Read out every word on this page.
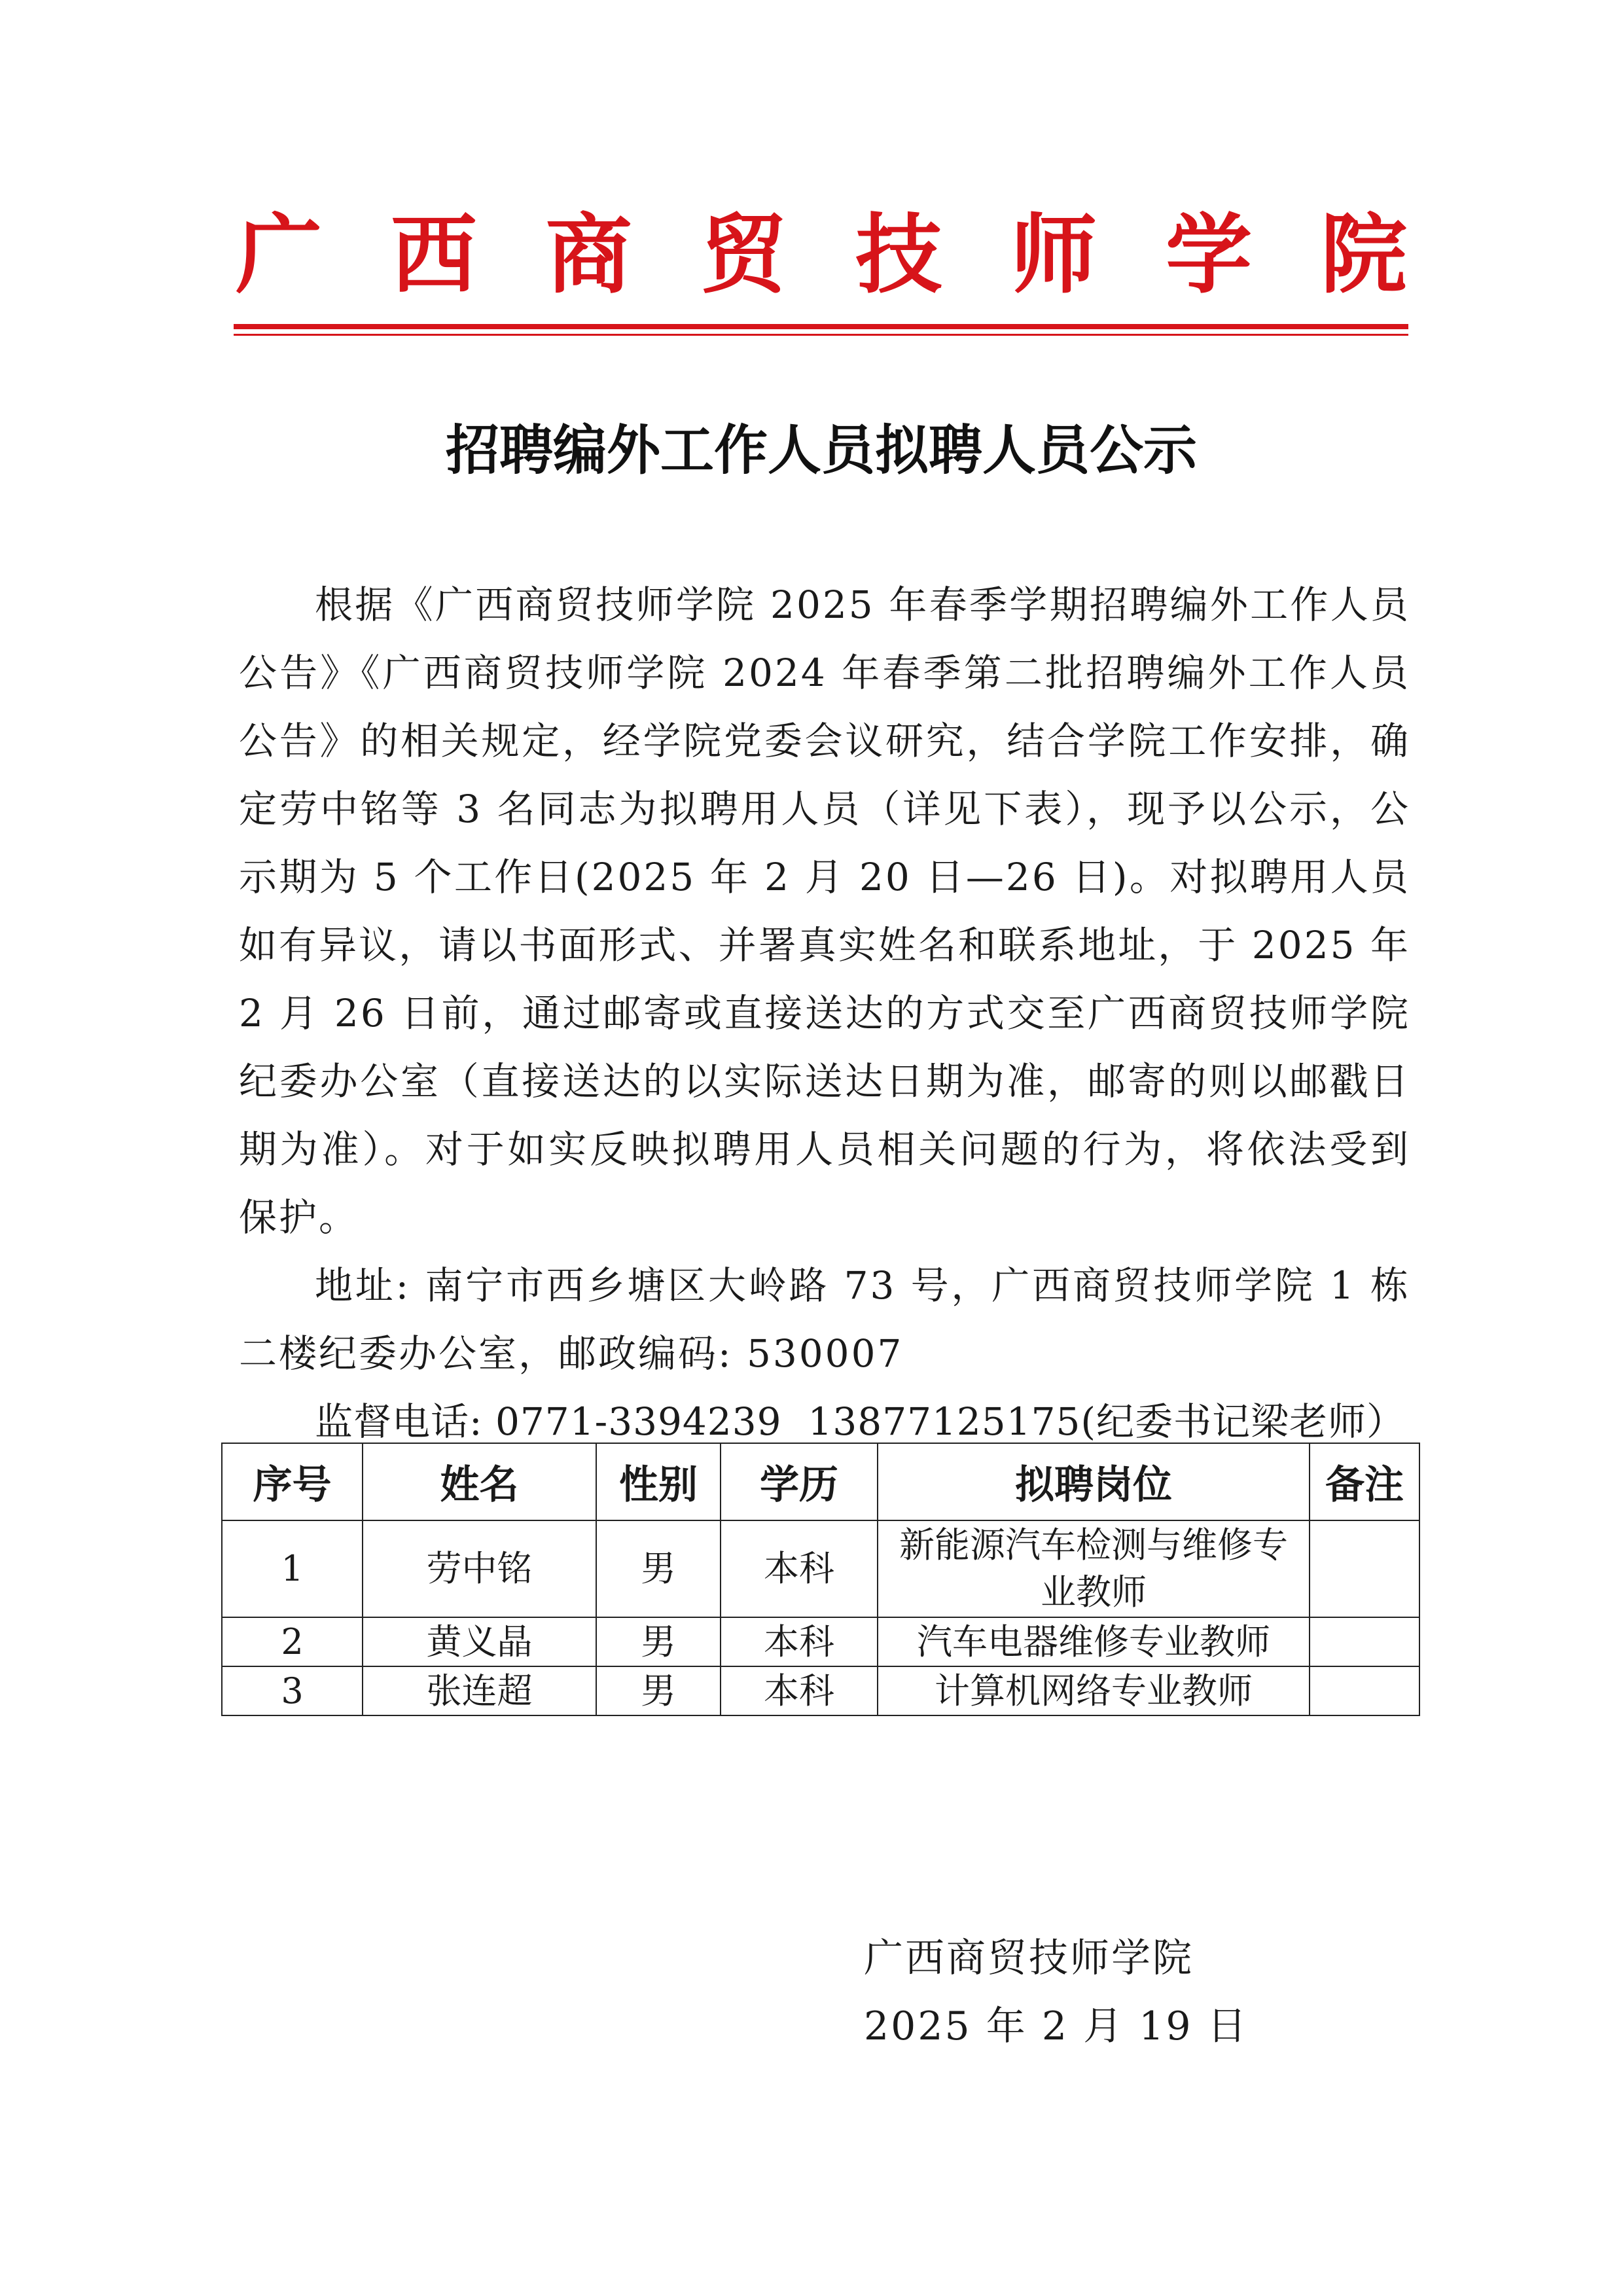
广 西 商 贸 技 师 学 院
招聘编外工作人员拟聘人员公示

根据《广西商贸技师学院 2025 年春季学期招聘编外工作人员公告》《广西商贸技师学院 2024 年春季第二批招聘编外工作人员公告》的相关规定，经学院党委会议研究，结合学院工作安排，确定劳中铭等 3 名同志为拟聘用人员（详见下表），现予以公示，公示期为 5 个工作日(2025 年 2 月 20 日—26 日)。对拟聘用人员如有异议，请以书面形式、并署真实姓名和联系地址，于 2025 年 2 月 26 日前，通过邮寄或直接送达的方式交至广西商贸技师学院纪委办公室（直接送达的以实际送达日期为准，邮寄的则以邮戳日期为准）。对于如实反映拟聘用人员相关问题的行为，将依法受到保护。

地址: 南宁市西乡塘区大岭路 73 号，广西商贸技师学院 1 栋二楼纪委办公室，邮政编码: 530007

监督电话: 0771-3394239 13877125175(纪委书记梁老师）

序号	姓名	性别	学历	拟聘岗位	备注
1	劳中铭	男	本科	新能源汽车检测与维修专业教师	
2	黄义晶	男	本科	汽车电器维修专业教师	
3	张连超	男	本科	计算机网络专业教师	
广西商贸技师学院
2025 年 2 月 19 日
